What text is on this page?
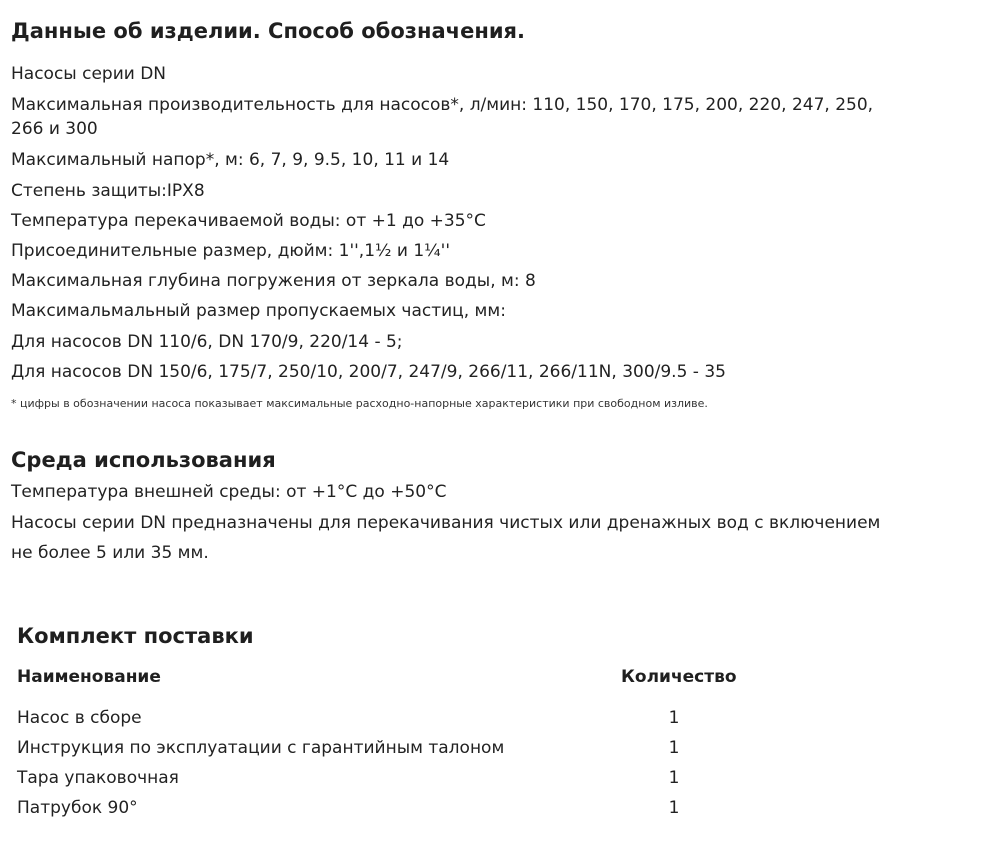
Данные об изделии. Способ обозначения.

Насосы серии DN

Максимальная производительность для насосов*, л/мин: 110, 150, 170, 175, 200, 220, 247, 250,

266 и 300

Максимальный напор*, м: 6, 7, 9, 9.5, 10, 11 и 14

Степень защиты:IPX8

Температура перекачиваемой воды: от +1 до +35°C

Присоединительные размер, дюйм: 1'',1½ и 1¼''

Максимальная глубина погружения от зеркала воды, м: 8

Максимальмальный размер пропускаемых частиц, мм:

Для насосов DN 110/6, DN 170/9, 220/14 - 5;

Для насосов DN 150/6, 175/7, 250/10, 200/7, 247/9, 266/11, 266/11N, 300/9.5 - 35

* цифры в обозначении насоса показывает максимальные расходно-напорные характеристики при свободном изливе.

Среда использования

Температура внешней среды: от +1°C до +50°C

Насосы серии DN предназначены для перекачивания чистых или дренажных вод с включением

не более 5 или 35 мм.

Комплект поставки
Наименование	Количество
Насос в сборе	1
Инструкция по эксплуатации с гарантийным талоном	1
Тара упаковочная	1
Патрубок 90°	1
